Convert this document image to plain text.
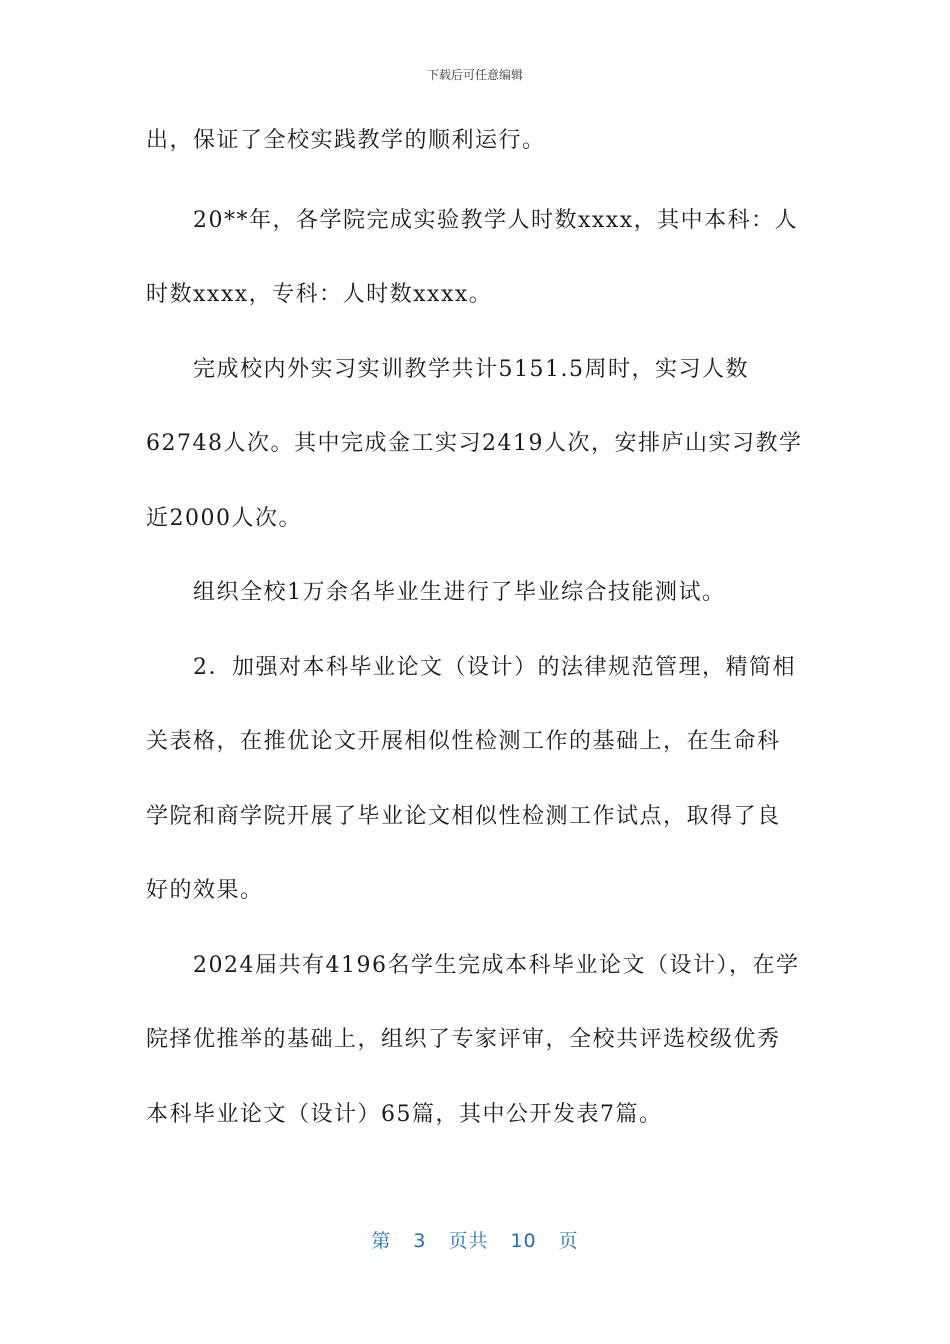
下载后可任意编辑
出，保证了全校实践教学的顺利运行。
20**年，各学院完成实验教学人时数xxxx，其中本科：人
时数xxxx，专科：人时数xxxx。
完成校内外实习实训教学共计5151.5周时，实习人数
62748人次。其中完成金工实习2419人次，安排庐山实习教学
近2000人次。
组织全校1万余名毕业生进行了毕业综合技能测试。
2．加强对本科毕业论文（设计）的法律规范管理，精简相
关表格，在推优论文开展相似性检测工作的基础上，在生命科
学院和商学院开展了毕业论文相似性检测工作试点，取得了良
好的效果。
2024届共有4196名学生完成本科毕业论文（设计），在学
院择优推举的基础上，组织了专家评审，全校共评选校级优秀
本科毕业论文（设计）65篇，其中公开发表7篇。
第 3 页共 10 页
